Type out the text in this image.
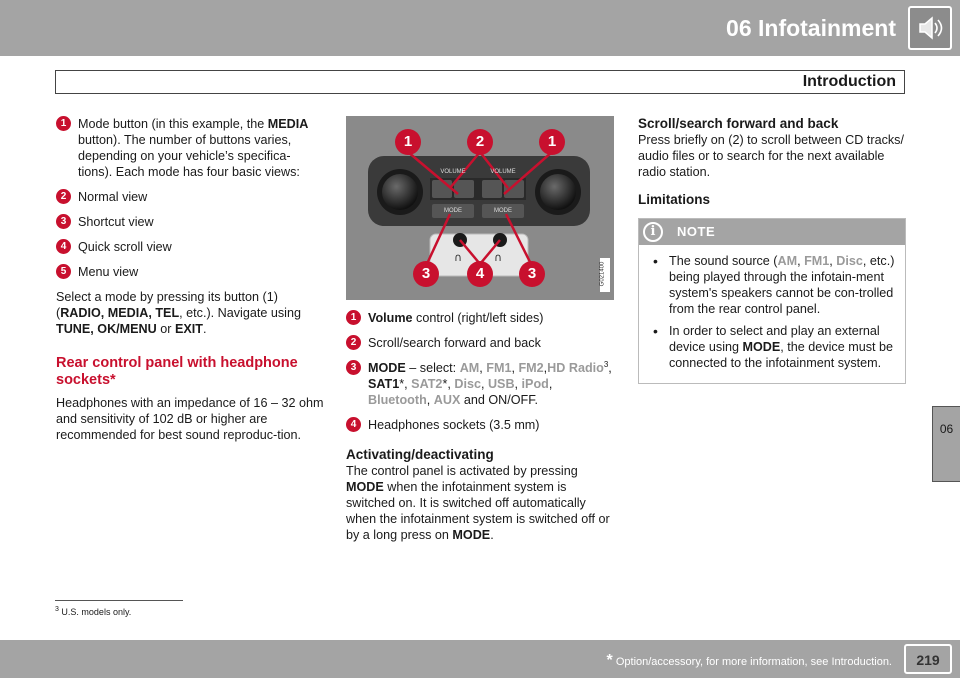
06 Infotainment
Introduction
1 Mode button (in this example, the MEDIA button). The number of buttons varies, depending on your vehicle’s specifica-tions). Each mode has four basic views:
2 Normal view
3 Shortcut view
4 Quick scroll view
5 Menu view

Select a mode by pressing its button (1) (RADIO, MEDIA, TEL, etc.). Navigate using TUNE, OK/MENU or EXIT.

Rear control panel with headphone sockets*

Headphones with an impedance of 16 – 32 ohm and sensitivity of 102 dB or higher are recommended for best sound reproduc-tion.

∩	∩
1	2	1
3	4	3
VOLUME	VOLUME
MODE	MODE
G021400
1 Volume control (right/left sides)
2 Scroll/search forward and back
3 MODE – select: AM, FM1, FM2,HD Radio$^3$, SAT1*, SAT2*, Disc, USB, iPod, Bluetooth, AUX and ON/OFF.
4 Headphones sockets (3.5 mm)
Activating/deactivating

The control panel is activated by pressing MODE when the infotainment system is switched on. It is switched off automatically when the infotainment system is switched off or by a long press on MODE.

Scroll/search forward and back

Press briefly on (2) to scroll between CD tracks/ audio files or to search for the next available radio station.

Limitations
i	NOTE
• The sound source (AM, FM1, Disc, etc.) being played through the infotain-ment system's speakers cannot be con-trolled from the rear control panel.
• In order to select and play an external device using MODE, the device must be connected to the infotainment system.
06
$^3$ U.S. models only.
* Option/accessory, for more information, see Introduction.	219
